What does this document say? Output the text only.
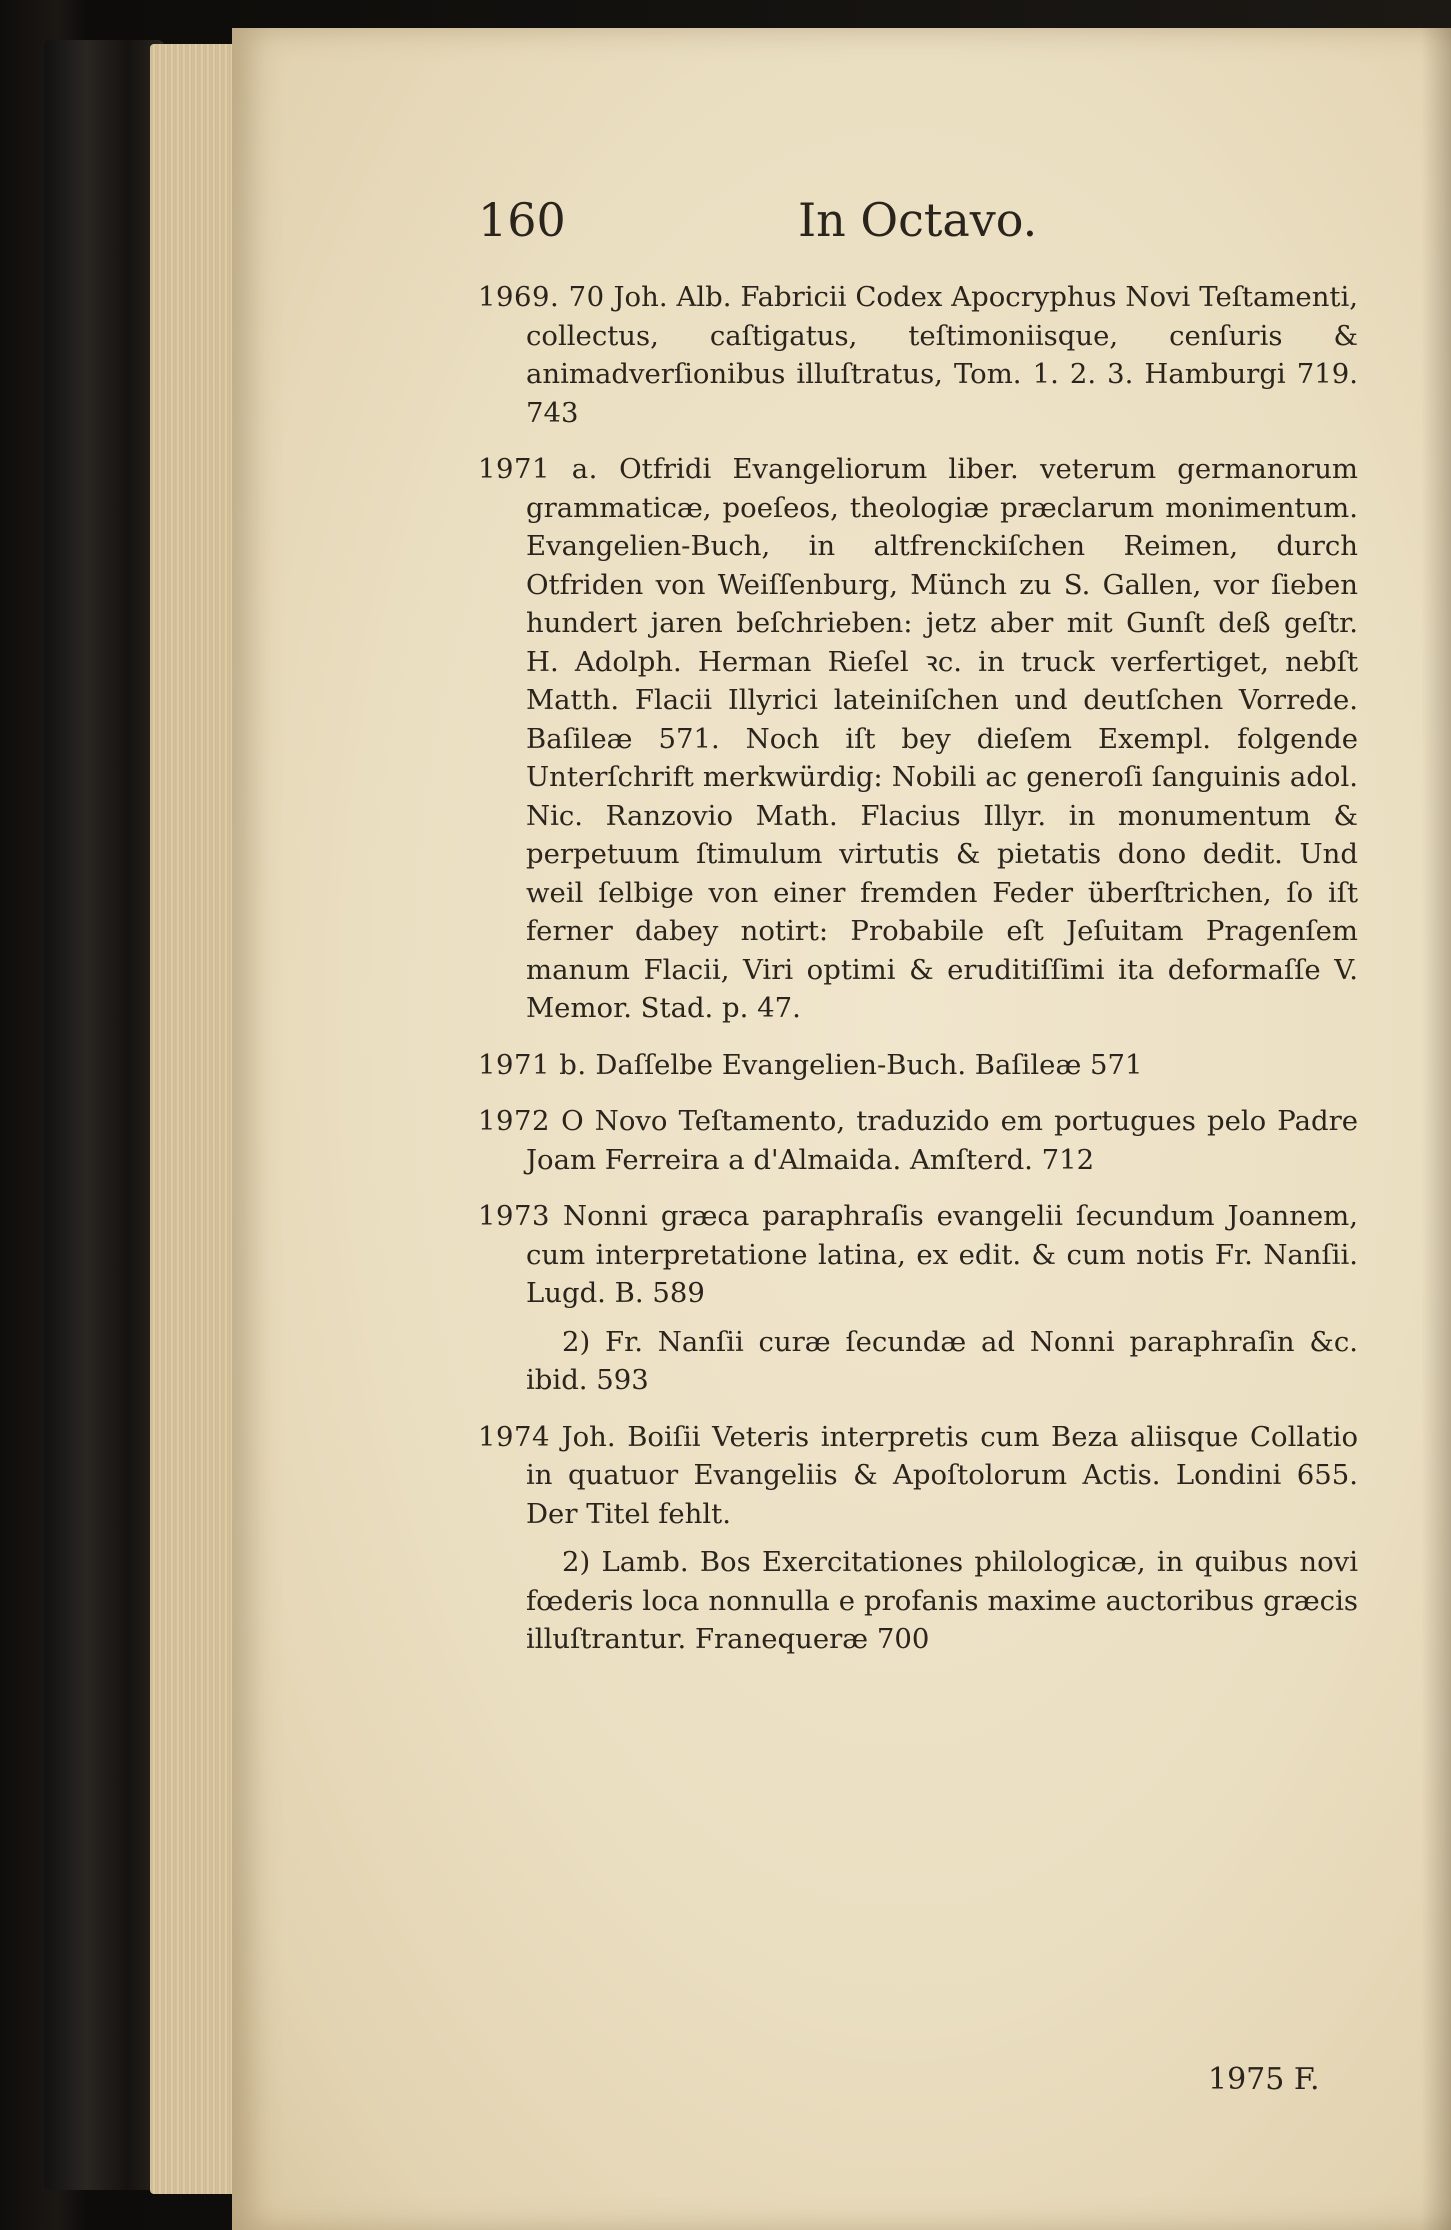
160	In Octavo.
1969. 70 Joh. Alb. Fabricii Codex Apocryphus Novi Teſtamenti, collectus, caſtigatus, teſtimoniisque, cenſuris & animadverſionibus illuſtratus, Tom. 1. 2. 3. Hamburgi 719. 743
1971 a. Otfridi Evangeliorum liber. veterum germanorum grammaticæ, poeſeos, theologiæ præclarum monimentum. Evangelien-Buch, in altfrenckiſchen Reimen, durch Otfriden von Weiſſenburg, Münch zu S. Gallen, vor ſieben hundert jaren beſchrieben: jetz aber mit Gunſt deß geſtr. H. Adolph. Herman Rieſel ꝛc. in truck verfertiget, nebſt Matth. Flacii Illyrici lateiniſchen und deutſchen Vorrede. Baſileæ 571. Noch iſt bey dieſem Exempl. folgende Unterſchrift merkwürdig: Nobili ac generoſi ſanguinis adol. Nic. Ranzovio Math. Flacius Illyr. in monumentum & perpetuum ſtimulum virtutis & pietatis dono dedit. Und weil ſelbige von einer fremden Feder überſtrichen, ſo iſt ferner dabey notirt: Probabile eſt Jeſuitam Pragenſem manum Flacii, Viri optimi & eruditiſſimi ita deformaſſe V. Memor. Stad. p. 47.
1971 b. Daſſelbe Evangelien-Buch. Baſileæ 571
1972 O Novo Teſtamento, traduzido em portugues pelo Padre Joam Ferreira a d'Almaida. Amſterd. 712
1973 Nonni græca paraphraſis evangelii ſecundum Joannem, cum interpretatione latina, ex edit. & cum notis Fr. Nanſii. Lugd. B. 589
2) Fr. Nanſii curæ ſecundæ ad Nonni paraphraſin &c. ibid. 593
1974 Joh. Boiſii Veteris interpretis cum Beza aliisque Collatio in quatuor Evangeliis & Apoſtolorum Actis. Londini 655. Der Titel fehlt.
2) Lamb. Bos Exercitationes philologicæ, in quibus novi fœderis loca nonnulla e profanis maxime auctoribus græcis illuſtrantur. Franequeræ 700
1975 F.
